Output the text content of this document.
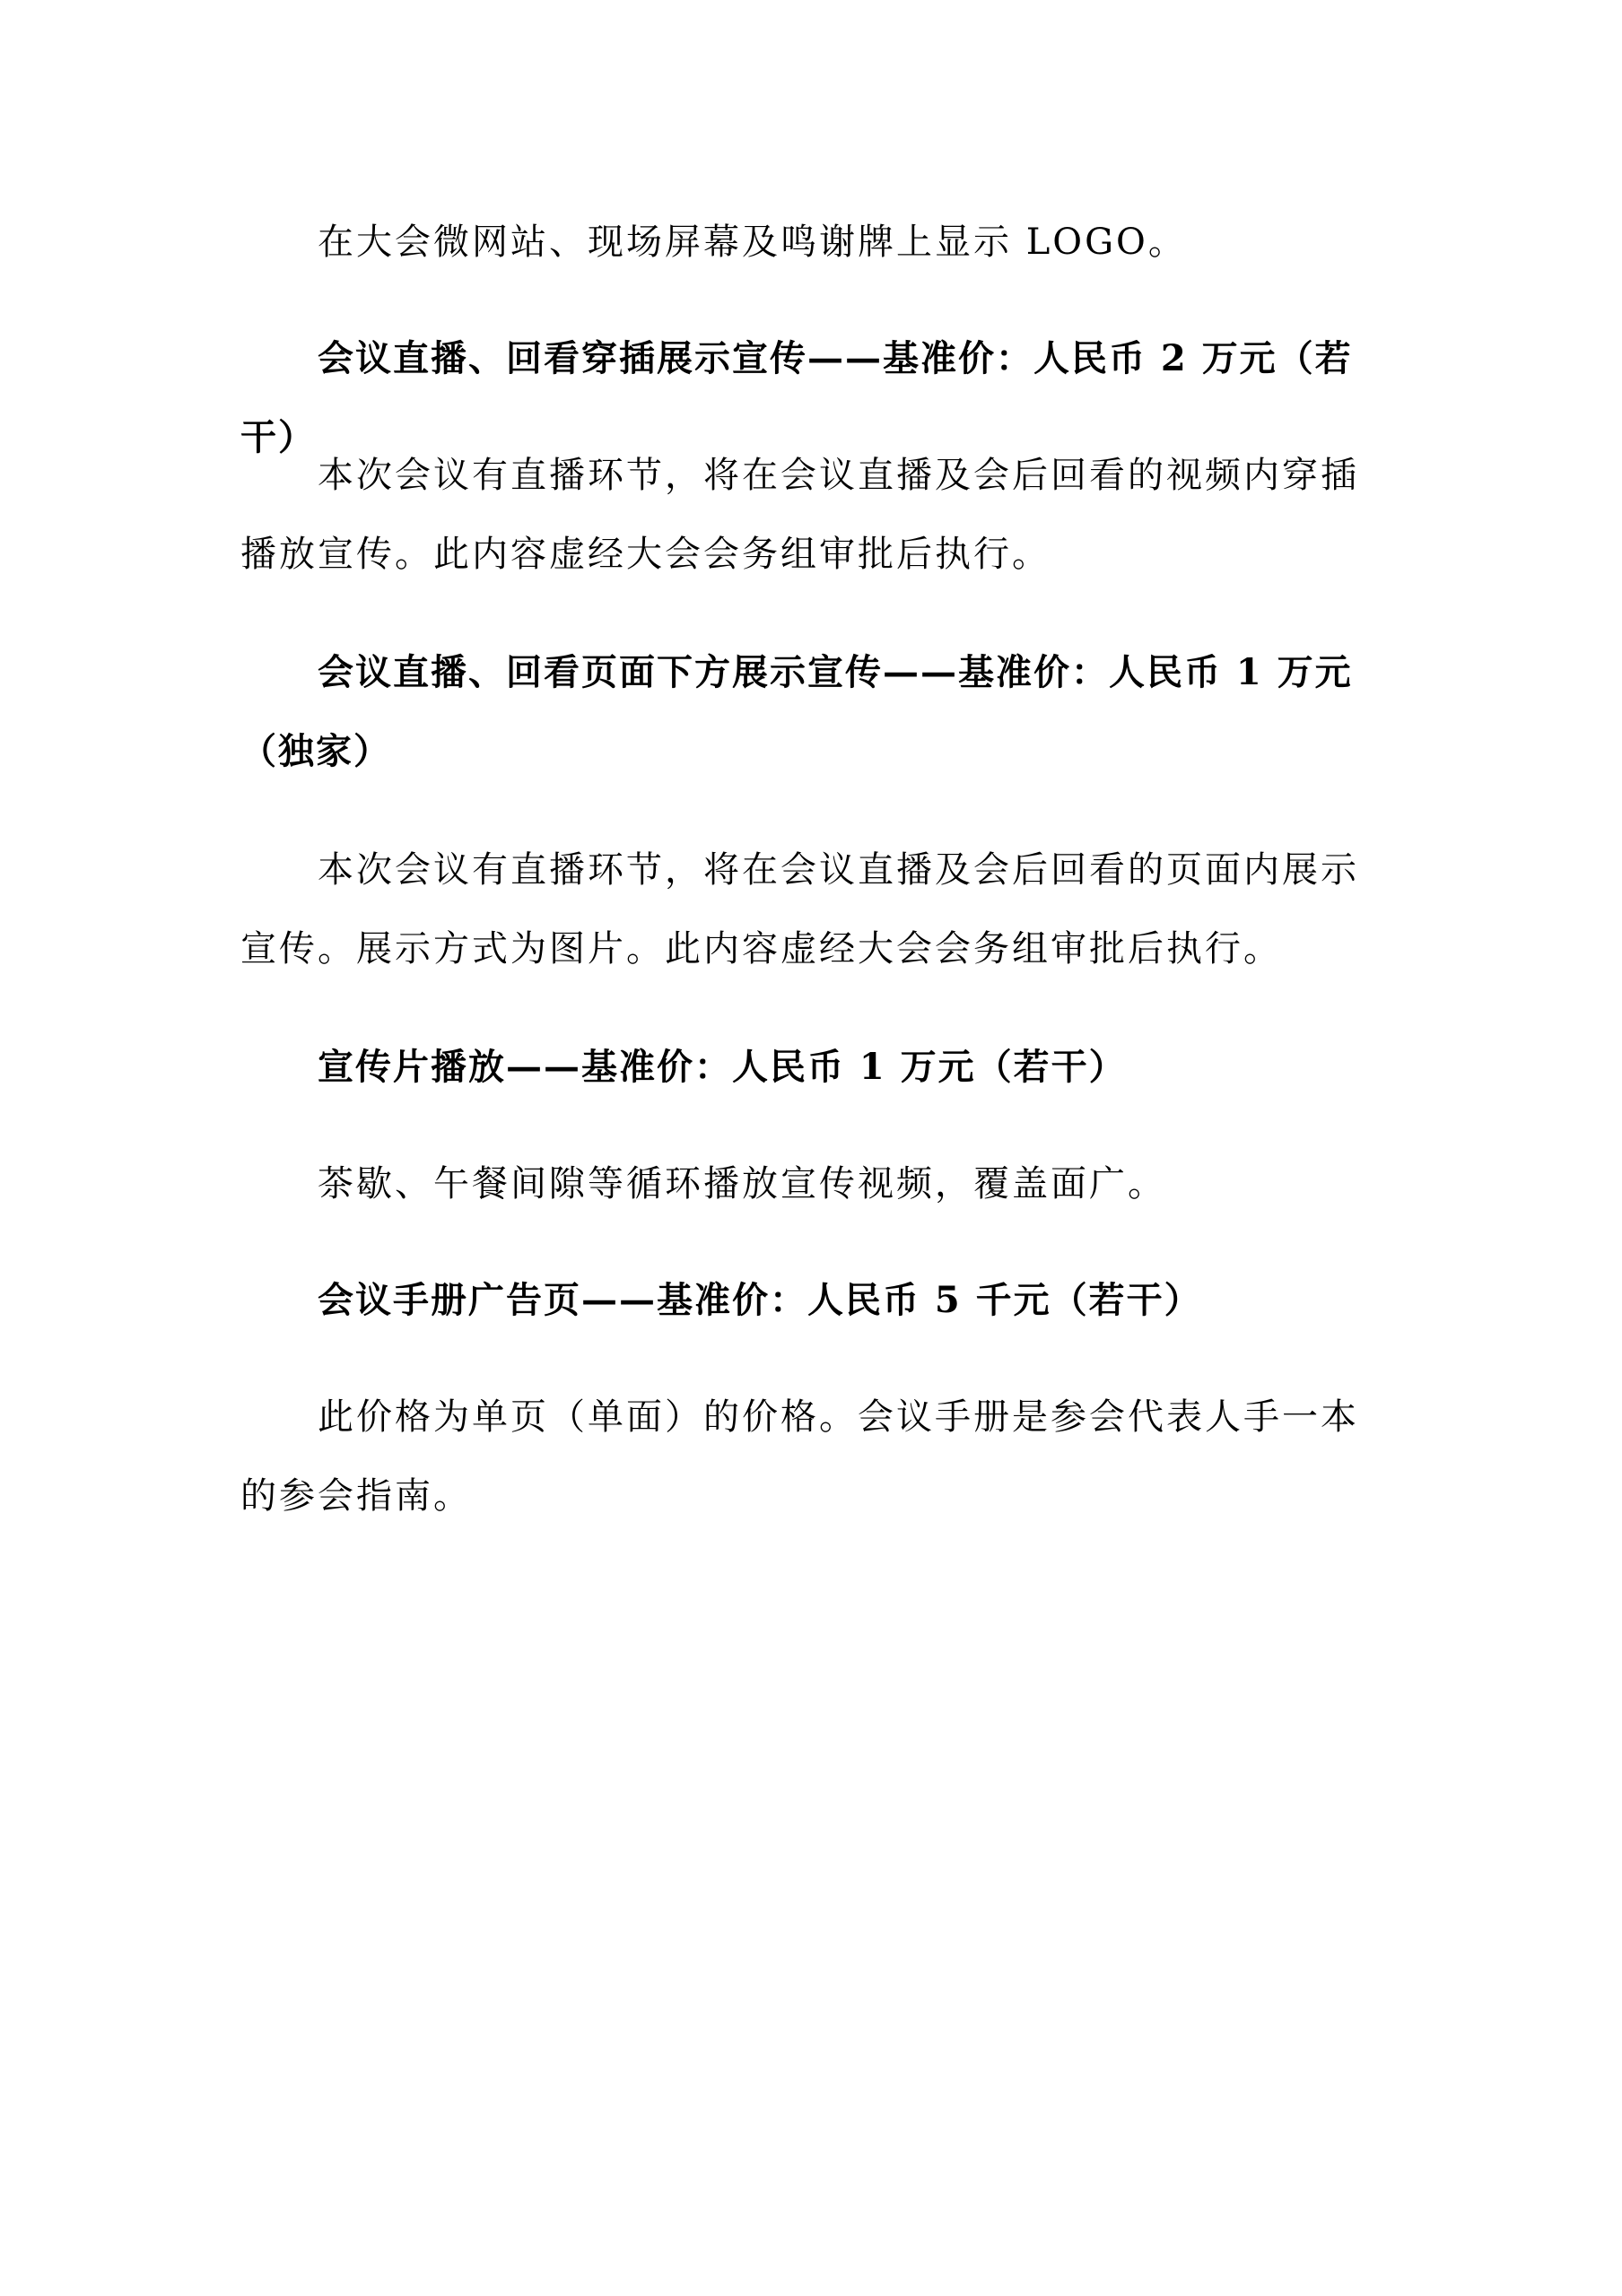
在大会微网站、现场屏幕及鸣谢牌上显示 LOGO。

会议直播、回看穿插展示宣传——基准价：人民币 2 万元（若干）

本次会议有直播环节，将在会议直播及会后回看的视频内穿插播放宣传。此内容虚经大会会务组审批后执行。

会议直播、回看页面下方展示宣传——基准价：人民币 1 万元（独家）

本次会议有直播环节，将在会议直播及会后回看的页面内展示宣传。展示方式为图片。此内容虚经大会会务组审批后执行。

宣传片播放——基准价：人民币 1 万元（若干）

茶歇、午餐间隙等循环播放宣传视频，覆盖面广。

会议手册广告页——基准价：人民币 5 千元（若干）

此价格为单页（单面）的价格。会议手册是参会代表人手一本的参会指南。
